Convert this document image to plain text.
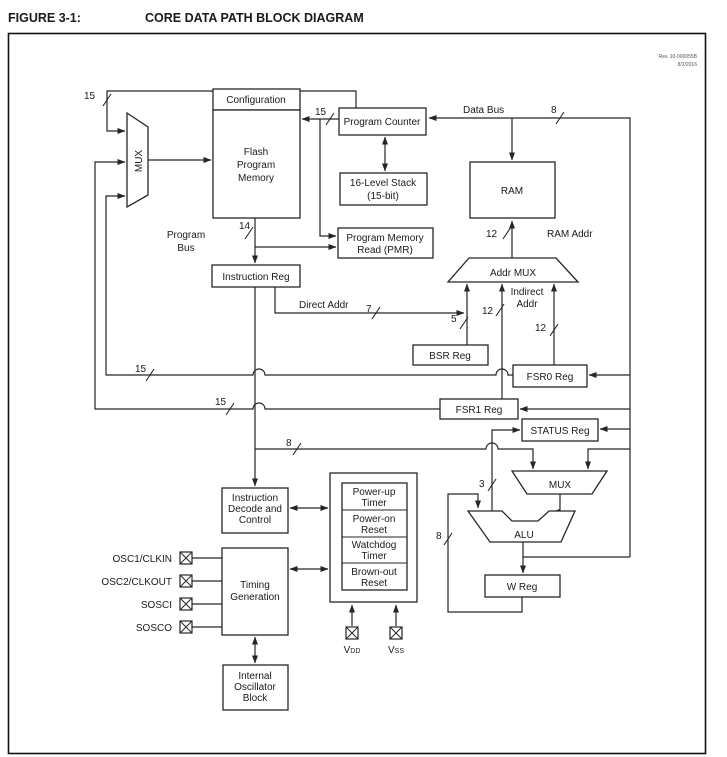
FIGURE 3-1:	CORE DATA PATH BLOCK DIAGRAM
Rev. 10-000055B
8/2/2016
Configuration
Flash
Program
Memory
Program Counter
16-Level Stack
(15-bit)	RAM
Program Memory
Read (PMR)
Instruction Reg
BSR Reg
FSR0 Reg
FSR1 Reg
STATUS Reg
W Reg
Instruction
Decode and
Control
Timing
Generation
Internal
Oscillator
Block
Power-up
Timer
Power-on
Reset
Watchdog
Timer
Brown-out
Reset
MUX
Addr MUX
MUX
ALU
15
15
14
8
12
12
12
5
7
15
15
8
3
8
Data Bus
RAM Addr
Program
Bus
Direct Addr
Indirect
Addr
OSC1/CLKIN
OSC2/CLKOUT
SOSCI
SOSCO
VDD	VSS
